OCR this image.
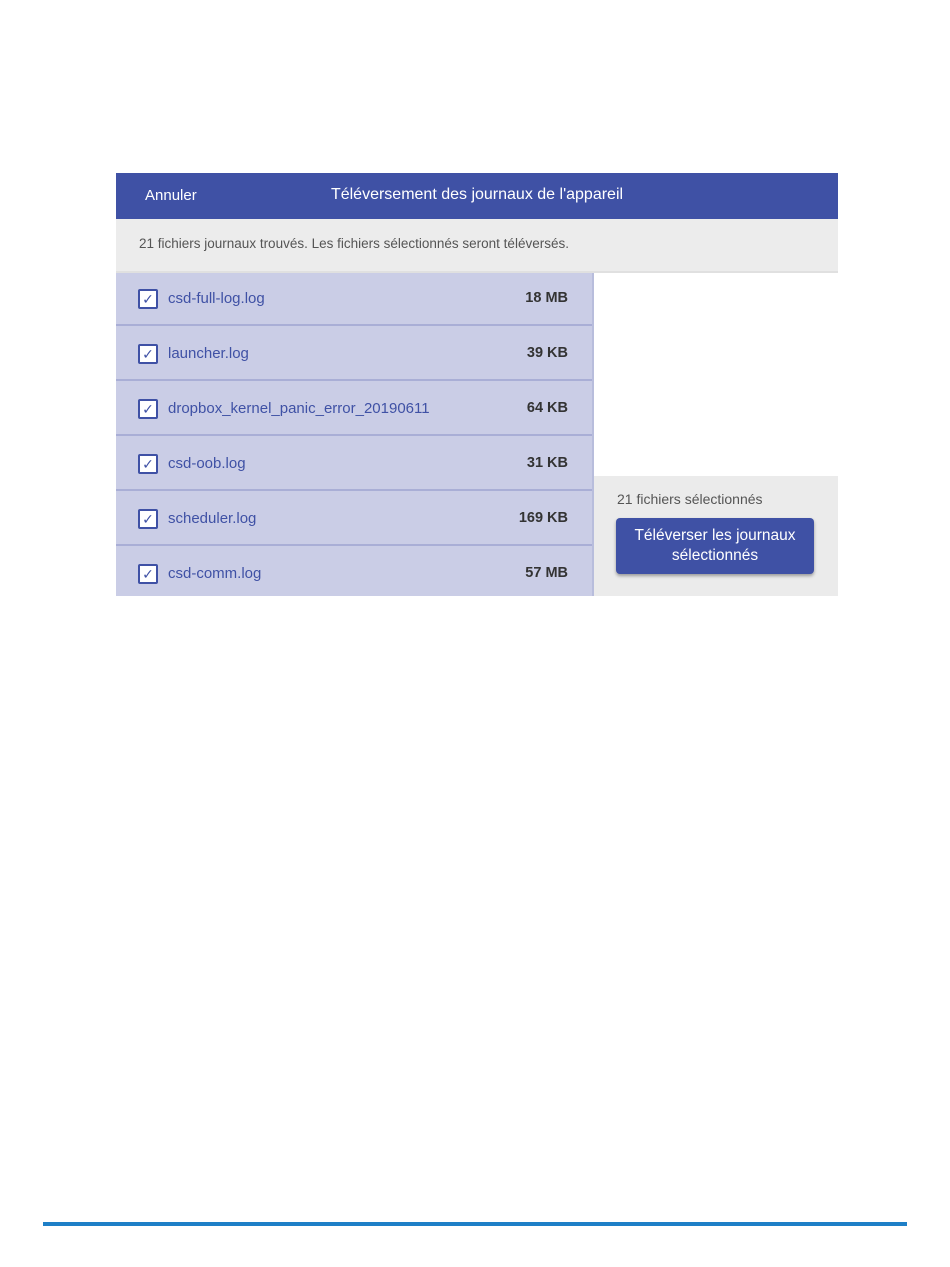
Annuler	Téléversement des journaux de l'appareil
21 fichiers journaux trouvés. Les fichiers sélectionnés seront téléversés.
✓ csd-full-log.log	18 MB
✓ launcher.log	39 KB
✓ dropbox_kernel_panic_error_20190611	64 KB
✓ csd-oob.log	31 KB
✓ scheduler.log	169 KB
✓ csd-comm.log	57 MB
21 fichiers sélectionnés
Téléverser les journaux sélectionnés
